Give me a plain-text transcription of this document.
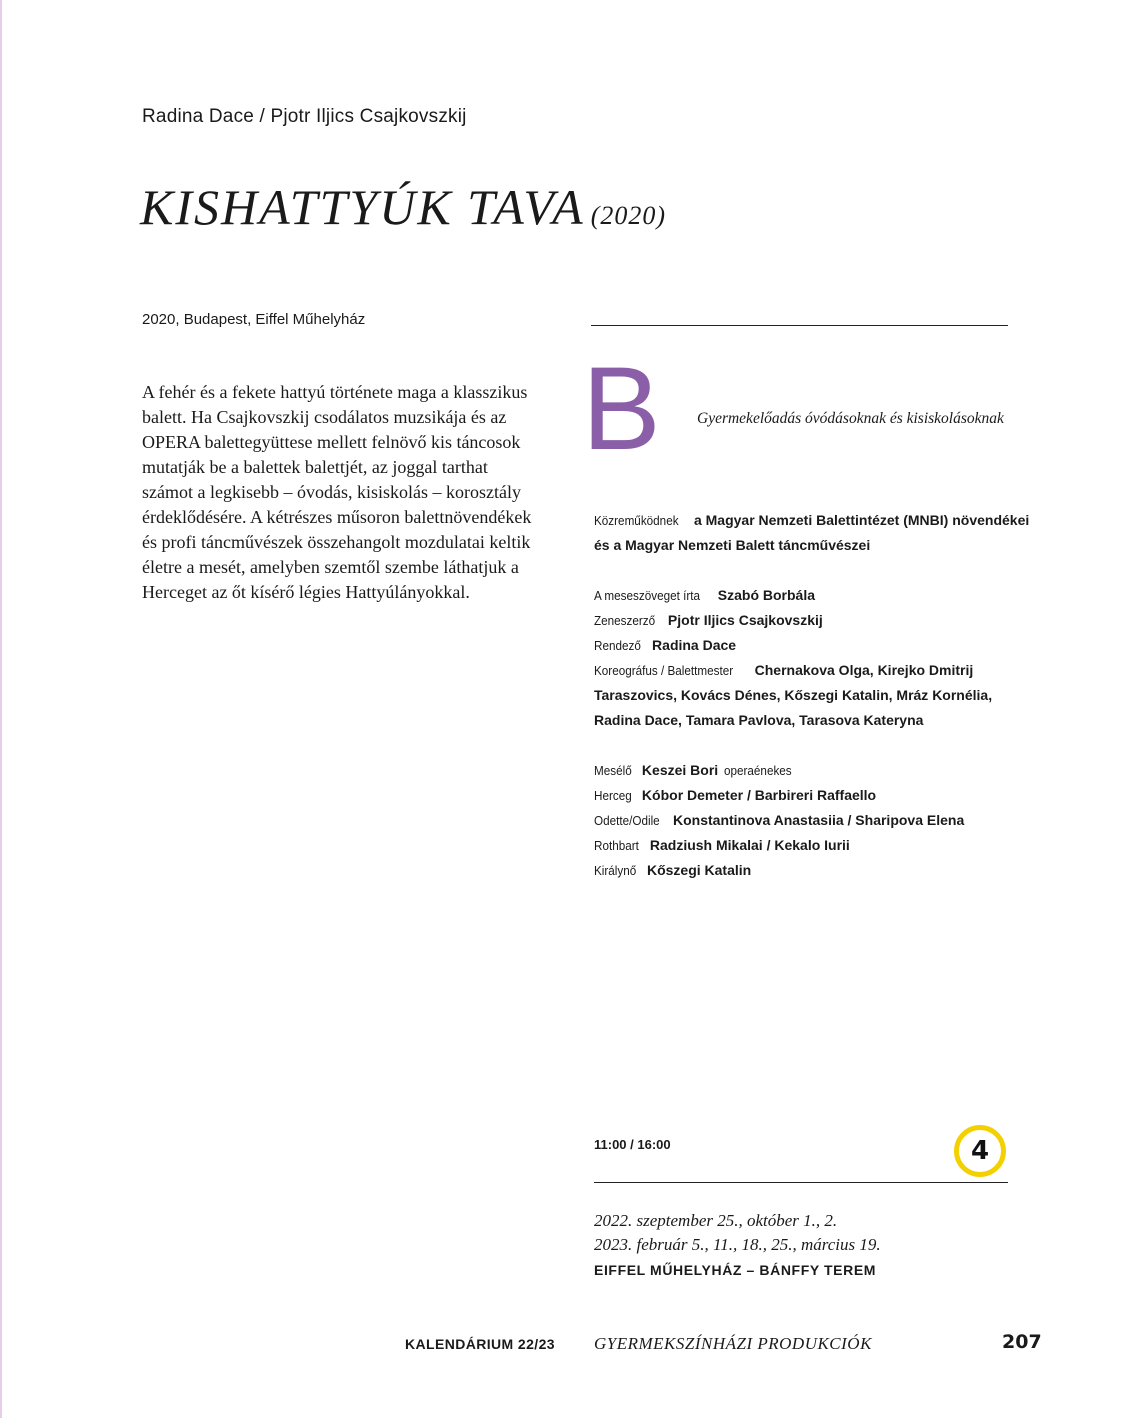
Radina Dace / Pjotr Iljics Csajkovszkij
KISHATTYÚK TAVA (2020)
2020, Budapest, Eiffel Műhelyház
A fehér és a fekete hattyú története maga a klasszikus
balett. Ha Csajkovszkij csodálatos muzsikája és az
OPERA balettegyüttese mellett felnövő kis táncosok
mutatják be a balettek balettjét, az joggal tarthat
számot a legkisebb – óvodás, kisiskolás – korosztály
érdeklődésére. A kétrészes műsoron balettnövendékek
és profi táncművészek összehangolt mozdulatai keltik
életre a mesét, amelyben szemtől szembe láthatjuk a
Herceget az őt kísérő légies Hattyúlányokkal.
B Gyermekelőadás óvódásoknak és kisiskolásoknak
Közreműködnek a Magyar Nemzeti Balettintézet (MNBI) növendékei
és a Magyar Nemzeti Balett táncművészei
A meseszöveget írta Szabó Borbála
Zeneszerző Pjotr Iljics Csajkovszkij
Rendező Radina Dace
Koreográfus / Balettmester Chernakova Olga, Kirejko Dmitrij
Taraszovics, Kovács Dénes, Kőszegi Katalin, Mráz Kornélia,
Radina Dace, Tamara Pavlova, Tarasova Kateryna
Mesélő Keszei Bori operaénekes
Herceg Kóbor Demeter / Barbireri Raffaello
Odette/Odile Konstantinova Anastasiia / Sharipova Elena
Rothbart Radziush Mikalai / Kekalo Iurii
Királynő Kőszegi Katalin
11:00 / 16:00	4
2022. szeptember 25., október 1., 2.
2023. február 5., 11., 18., 25., március 19.
EIFFEL MŰHELYHÁZ – BÁNFFY TEREM
KALENDÁRIUM 22/23 GYERMEKSZÍNHÁZI PRODUKCIÓK	207
